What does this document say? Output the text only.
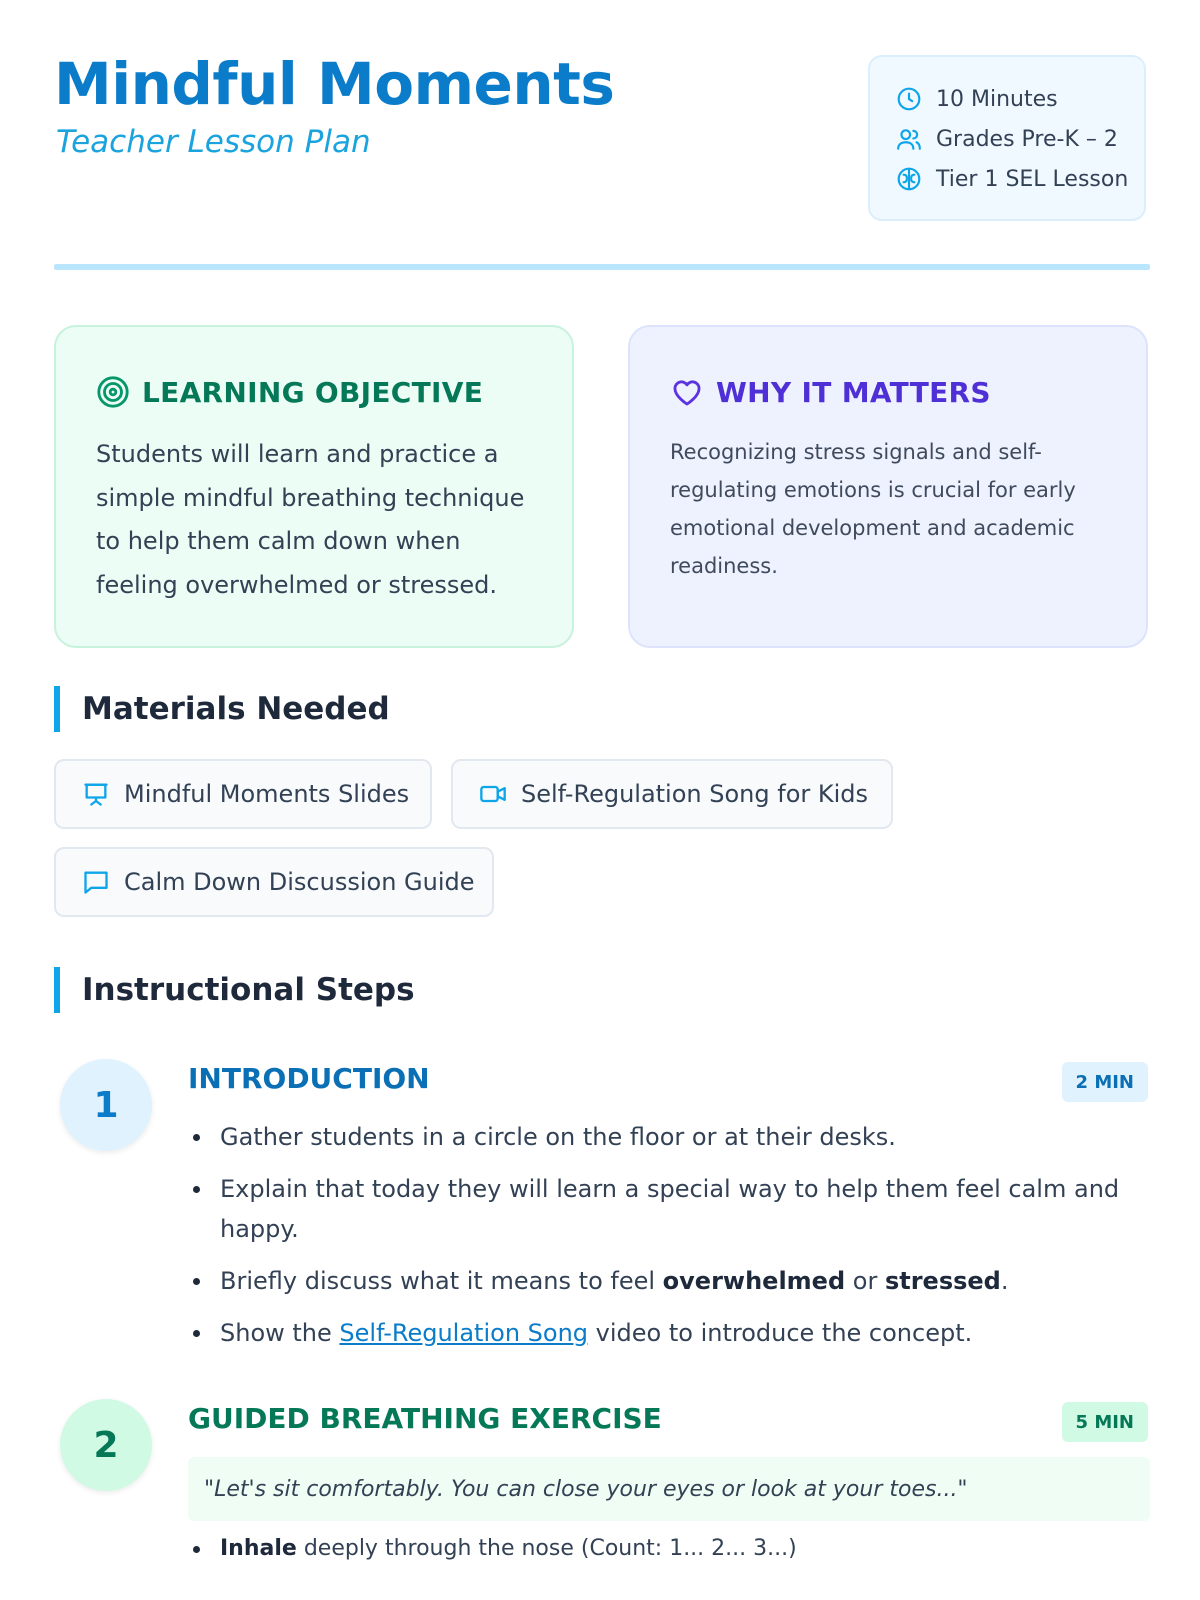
Mindful Moments
Teacher Lesson Plan
10 Minutes
Grades Pre-K – 2
Tier 1 SEL Lesson
LEARNING OBJECTIVE

Students will learn and practice a simple mindful breathing technique to help them calm down when feeling overwhelmed or stressed.

WHY IT MATTERS

Recognizing stress signals and self-regulating emotions is crucial for early emotional development and academic readiness.

Materials Needed
Mindful Moments Slides	Self-Regulation Song for Kids
Calm Down Discussion Guide
Instructional Steps
1
INTRODUCTION	2 MIN
Gather students in a circle on the floor or at their desks.
Explain that today they will learn a special way to help them feel calm and happy.
Briefly discuss what it means to feel overwhelmed or stressed.
Show the Self-Regulation Song video to introduce the concept.
2
GUIDED BREATHING EXERCISE	5 MIN
"Let's sit comfortably. You can close your eyes or look at your toes..."
Inhale deeply through the nose (Count: 1... 2... 3...)
